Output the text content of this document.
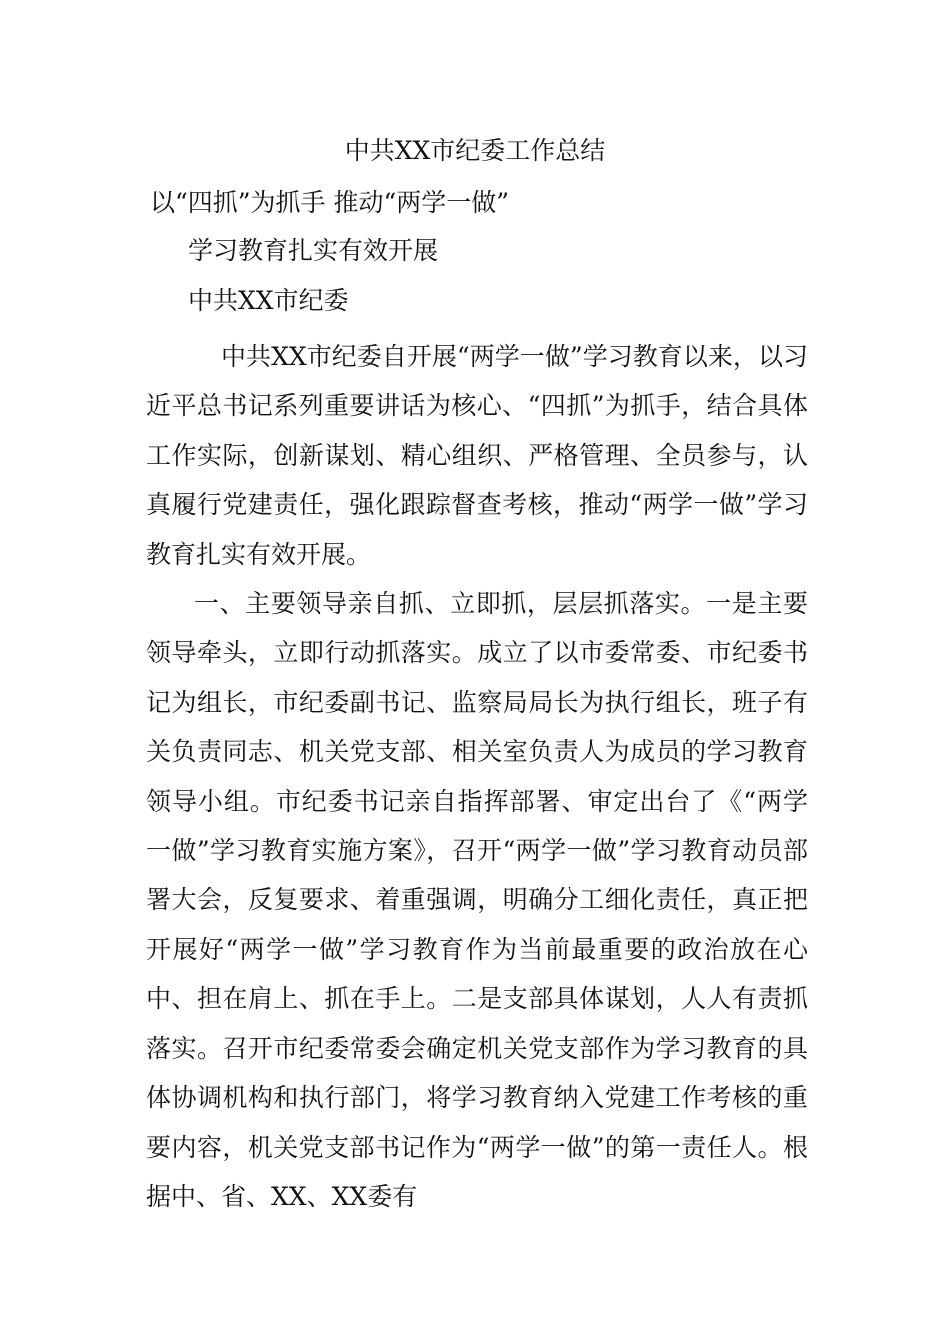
中共XX市纪委工作总结
以“四抓”为抓手 推动“两学一做”
学习教育扎实有效开展
中共XX市纪委

中共XX市纪委自开展“两学一做”学习教育以来，以习近平总书记系列重要讲话为核心、“四抓”为抓手，结合具体工作实际，创新谋划、精心组织、严格管理、全员参与，认真履行党建责任，强化跟踪督查考核，推动“两学一做”学习教育扎实有效开展。

一、主要领导亲自抓、立即抓，层层抓落实。一是主要领导牵头，立即行动抓落实。成立了以市委常委、市纪委书记为组长，市纪委副书记、监察局局长为执行组长，班子有关负责同志、机关党支部、相关室负责人为成员的学习教育领导小组。市纪委书记亲自指挥部署、审定出台了《“两学一做”学习教育实施方案》，召开“两学一做”学习教育动员部署大会，反复要求、着重强调，明确分工细化责任，真正把开展好“两学一做”学习教育作为当前最重要的政治放在心中、担在肩上、抓在手上。二是支部具体谋划，人人有责抓落实。召开市纪委常委会确定机关党支部作为学习教育的具体协调机构和执行部门，将学习教育纳入党建工作考核的重要内容，机关党支部书记作为“两学一做”的第一责任人。根据中、省、XX、XX委有
